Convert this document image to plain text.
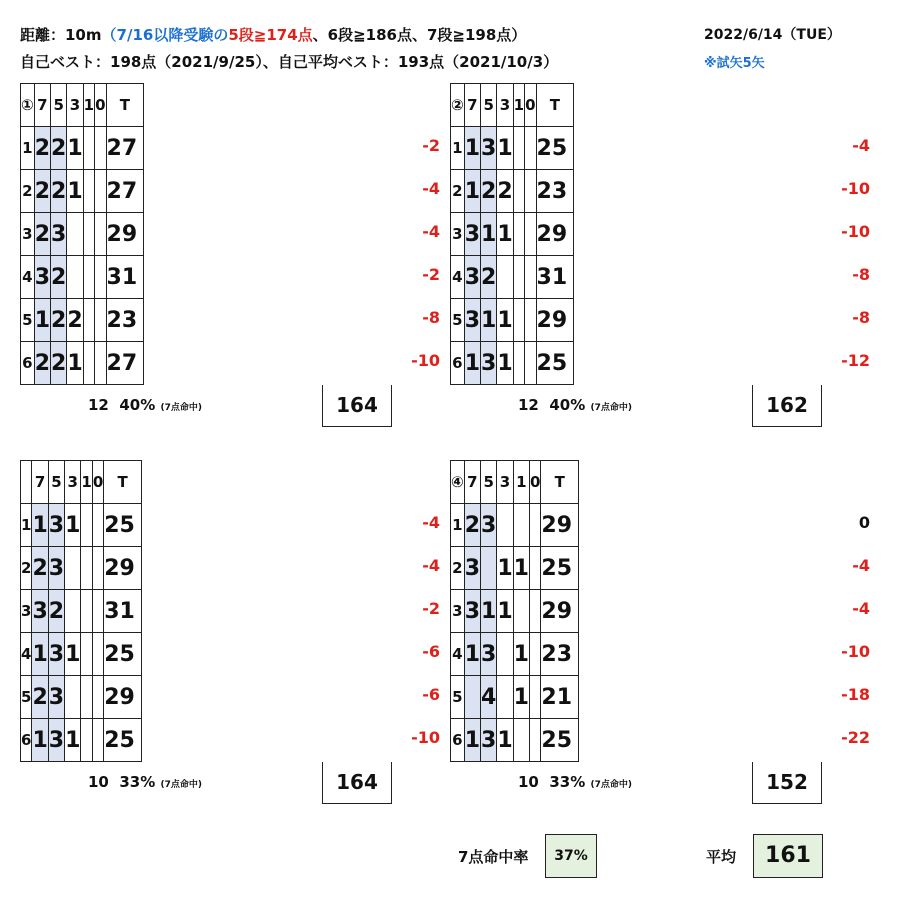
距離：10m（7/16以降受験の5段≧174点、6段≧186点、7段≧198点）
自己ベスト：198点（2021/9/25）、自己平均ベスト：193点（2021/10/3）
2022/6/14（TUE）
※試矢5矢
-2
-4
-4
-2
-8
-10
①	7	5	3	1	0	T
1	2	2	1			27
2	2	2	1			27
3	2	3				29
4	3	2				31
5	1	2	2			23
6	2	2	1			27
164
12 40% (7点命中)
-4
-10
-10
-8
-8
-12
②	7	5	3	1	0	T
1	1	3	1			25
2	1	2	2			23
3	3	1	1			29
4	3	2				31
5	3	1	1			29
6	1	3	1			25
162
12 40% (7点命中)
-4
-4
-2
-6
-6
-10
	7	5	3	1	0	T
1	1	3	1			25
2	2	3				29
3	3	2				31
4	1	3	1			25
5	2	3				29
6	1	3	1			25
164
10 33% (7点命中)
0
-4
-4
-10
-18
-22
④	7	5	3	1	0	T
1	2	3				29
2	3		1	1		25
3	3	1	1			29
4	1	3		1		23
5		4		1		21
6	1	3	1			25
152
10 33% (7点命中)
7点命中率	37%	平均	161
